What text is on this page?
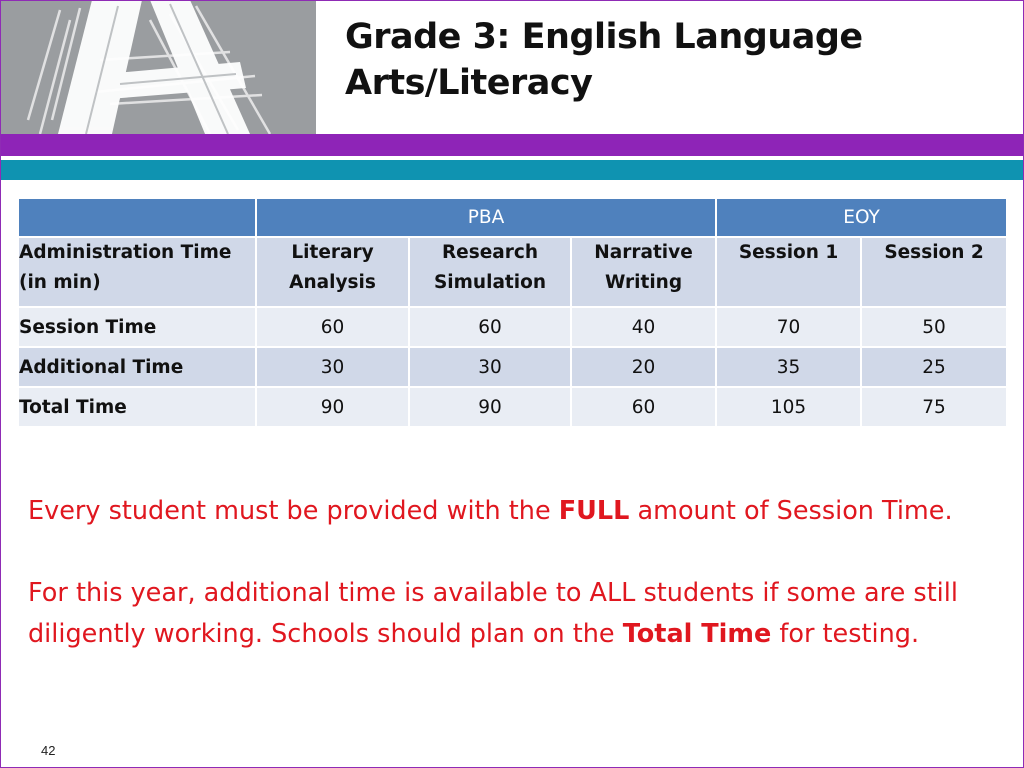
Grade 3: English Language Arts/Literacy
	PBA			EOY	
Administration Time (in min)	Literary Analysis	Research Simulation	Narrative Writing	Session 1	Session 2
Session Time	60	60	40	70	50
Additional Time	30	30	20	35	25
Total Time	90	90	60	105	75

Every student must be provided with the FULL amount of Session Time.

For this year, additional time is available to ALL students if some are still diligently working. Schools should plan on the Total Time for testing.

42
